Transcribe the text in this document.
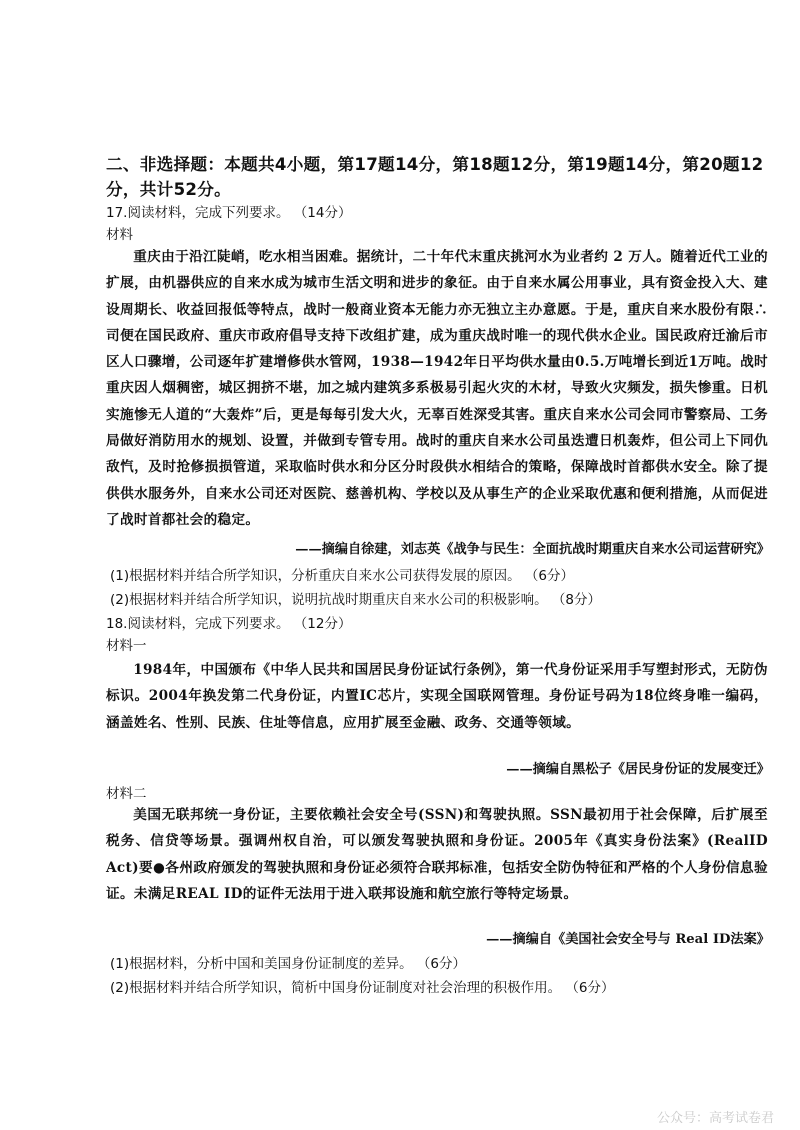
二、非选择题：本题共4小题，第17题14分，第18题12分，第19题14分，第20题12分，共计52分。
17.阅读材料，完成下列要求。 （14分）
材料
重庆由于沿江陡峭，吃水相当困难。据统计，二十年代末重庆挑河水为业者约 2 万人。随着近代工业的扩展，由机器供应的自来水成为城市生活文明和进步的象征。由于自来水属公用事业，具有资金投入大、建设周期长、收益回报低等特点，战时一般商业资本无能力亦无独立主办意愿。于是，重庆自来水股份有限∴司便在国民政府、重庆市政府倡导支持下改组扩建，成为重庆战时唯一的现代供水企业。国民政府迁渝后市区人口骤增，公司逐年扩建增修供水管网，1938—1942年日平均供水量由0.5.万吨增长到近1万吨。战时重庆因人烟稠密，城区拥挤不堪，加之城内建筑多系极易引起火灾的木材，导致火灾频发，损失惨重。日机实施惨无人道的“大轰炸”后，更是每每引发大火，无辜百姓深受其害。重庆自来水公司会同市警察局、工务局做好消防用水的规划、设置，并做到专管专用。战时的重庆自来水公司虽迭遭日机轰炸，但公司上下同仇敌忾，及时抢修损损管道，采取临时供水和分区分时段供水相结合的策略，保障战时首都供水安全。除了提供供水服务外，自来水公司还对医院、慈善机构、学校以及从事生产的企业采取优惠和便利措施，从而促进了战时首都社会的稳定。
——摘编自徐建，刘志英《战争与民生：全面抗战时期重庆自来水公司运营研究》
(1)根据材料并结合所学知识，分析重庆自来水公司获得发展的原因。 （6分）
(2)根据材料并结合所学知识，说明抗战时期重庆自来水公司的积极影响。 （8分）
18.阅读材料，完成下列要求。 （12分）
材料一
1984年，中国颁布《中华人民共和国居民身份证试行条例》，第一代身份证采用手写塑封形式，无防伪标识。2004年换发第二代身份证，内置IC芯片，实现全国联网管理。身份证号码为18位终身唯一编码，涵盖姓名、性别、民族、住址等信息，应用扩展至金融、政务、交通等领域。
——摘编自黑松子《居民身份证的发展变迁》
材料二
美国无联邦统一身份证，主要依赖社会安全号(SSN)和驾驶执照。SSN最初用于社会保障，后扩展至税务、信贷等场景。强调州权自治，可以颁发驾驶执照和身份证。2005年《真实身份法案》(RealID Act)要●各州政府颁发的驾驶执照和身份证必须符合联邦标准，包括安全防伪特征和严格的个人身份信息验证。未满足REAL ID的证件无法用于进入联邦设施和航空旅行等特定场景。
——摘编自《美国社会安全号与 Real ID法案》
(1)根据材料，分析中国和美国身份证制度的差异。 （6分）
(2)根据材料并结合所学知识，简析中国身份证制度对社会治理的积极作用。 （6分）
公众号：高考试卷君
